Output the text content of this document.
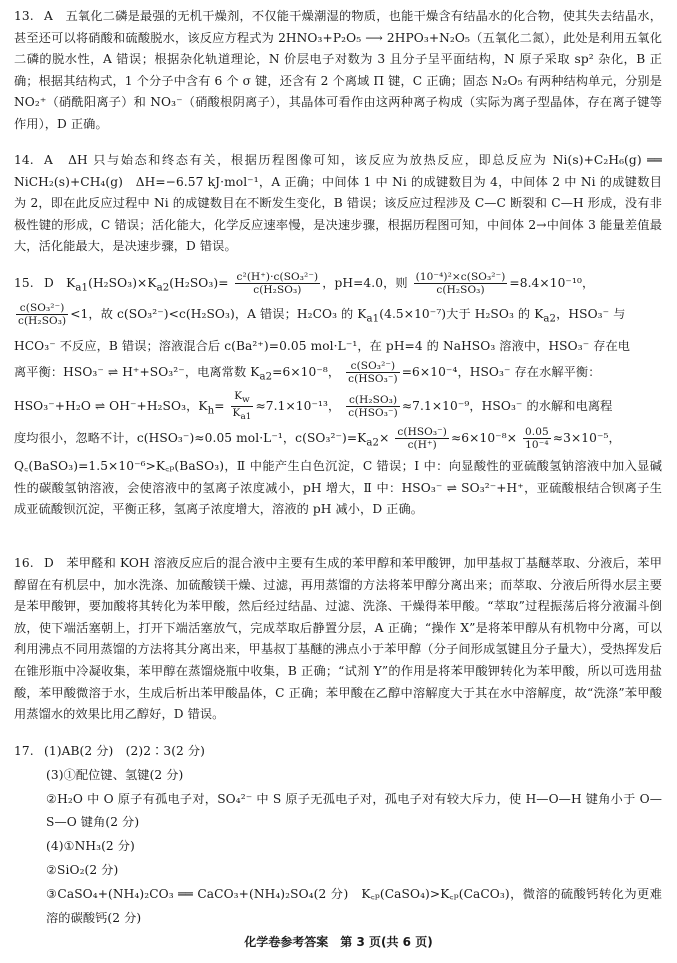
13. A　五氧化二磷是最强的无机干燥剂，不仅能干燥潮湿的物质，也能干燥含有结晶水的化合物，使其失去结晶水，甚至还可以将硝酸和硫酸脱水，该反应方程式为 2HNO₃+P₂O₅ ⟶ 2HPO₃+N₂O₅（五氧化二氮），此处是利用五氧化二磷的脱水性，A 错误；根据杂化轨道理论，N 价层电子对数为 3 且分子呈平面结构，N 原子采取 sp² 杂化，B 正确；根据其结构式，1 个分子中含有 6 个 σ 键，还含有 2 个离域 Π 键，C 正确；固态 N₂O₅ 有两种结构单元，分别是 NO₂⁺（硝酰阳离子）和 NO₃⁻（硝酸根阴离子），其晶体可看作由这两种离子构成（实际为离子型晶体，存在离子键等作用），D 正确。

14. A　ΔH 只与始态和终态有关，根据历程图像可知，该反应为放热反应，即总反应为 Ni(s)+C₂H₆(g) ══ NiCH₂(s)+CH₄(g)　ΔH=−6.57 kJ·mol⁻¹，A 正确；中间体 1 中 Ni 的成键数目为 4，中间体 2 中 Ni 的成键数目为 2，即在此反应过程中 Ni 的成键数目在不断发生变化，B 错误；该反应过程涉及 C—C 断裂和 C—H 形成，没有非极性键的形成，C 错误；活化能大，化学反应速率慢，是决速步骤，根据历程图可知，中间体 2→中间体 3 能量差值最大，活化能最大，是决速步骤，D 错误。

15. D　$K_{a1}(H_2SO_3)\times K_{a2}(H_2SO_3)= \frac{\text{c²(H⁺)·c(SO₃²⁻)}}{\text{c(H₂SO₃)}}$ ，pH=4.0，则 $\frac{\text{(10⁻⁴)²×c(SO₃²⁻)}}{\text{c(H₂SO₃)}} =8.4\times 10^{-10}$，

$\frac{\text{c(SO₃²⁻)}}{\text{c(H₂SO₃)}} <1$，故 c(SO₃²⁻)<c(H₂SO₃)，A 错误；H₂CO₃ 的 $K_{a1}(4.5\times 10^{-7})$大于 H₂SO₃ 的 $K_{a2}$，HSO₃⁻ 与

HCO₃⁻ 不反应，B 错误；溶液混合后 c(Ba²⁺)=0.05 mol·L⁻¹，在 pH=4 的 NaHSO₃ 溶液中，HSO₃⁻ 存在电

离平衡：HSO₃⁻ ⇌ H⁺+SO₃²⁻，电离常数 $K_{a2}=6\times 10^{-8}$， c(SO₃²⁻)
c(HSO₃⁻) =6×10⁻⁴，HSO₃⁻ 存在水解平衡：

HSO₃⁻+H₂O ⇌ OH⁻+H₂SO₃，$K_h= \frac{K_w}{K_{a1}} \approx 7.1\times 10^{-13}$， c(H₂SO₃)
c(HSO₃⁻) ≈7.1×10⁻⁹，HSO₃⁻ 的水解和电离程

度均很小，忽略不计，c(HSO₃⁻)≈0.05 mol·L⁻¹，$c(SO_3^{2-})=K_{a2}\times c(HSO_3^-)$
c(H⁺)	$\approx 6\times 10^{-8}\times \frac{0.05}{\text{10⁻⁴}} \approx 3\times 10^{-5}$，

Q꜀(BaSO₃)=1.5×10⁻⁶>K꜀ₚ(BaSO₃)，Ⅱ 中能产生白色沉淀，C 错误；Ⅰ 中：向显酸性的亚硫酸氢钠溶液中加入显碱性的碳酸氢钠溶液，会使溶液中的氢离子浓度减小，pH 增大，Ⅱ 中：HSO₃⁻ ⇌ SO₃²⁻+H⁺，亚硫酸根结合钡离子生成亚硫酸钡沉淀，平衡正移，氢离子浓度增大，溶液的 pH 减小，D 正确。

16. D　苯甲醛和 KOH 溶液反应后的混合液中主要有生成的苯甲醇和苯甲酸钾，加甲基叔丁基醚萃取、分液后，苯甲醇留在有机层中，加水洗涤、加硫酸镁干燥、过滤，再用蒸馏的方法将苯甲醇分离出来；而萃取、分液后所得水层主要是苯甲酸钾，要加酸将其转化为苯甲酸，然后经过结晶、过滤、洗涤、干燥得苯甲酸。“萃取”过程振荡后将分液漏斗倒放，使下端活塞朝上，打开下端活塞放气，完成萃取后静置分层，A 正确；“操作 X”是将苯甲醇从有机物中分离，可以利用沸点不同用蒸馏的方法将其分离出来，甲基叔丁基醚的沸点小于苯甲醇（分子间形成氢键且分子量大），受热挥发后在锥形瓶中冷凝收集，苯甲醇在蒸馏烧瓶中收集，B 正确；“试剂 Y”的作用是将苯甲酸钾转化为苯甲酸，所以可选用盐酸，苯甲酸微溶于水，生成后析出苯甲酸晶体，C 正确；苯甲酸在乙醇中溶解度大于其在水中溶解度，故“洗涤”苯甲酸用蒸馏水的效果比用乙醇好，D 错误。

17. (1)AB(2 分)　(2)2∶3(2 分)

(3)①配位键、氢键(2 分)

②H₂O 中 O 原子有孤电子对，SO₄²⁻ 中 S 原子无孤电子对，孤电子对有较大斥力，使 H—O—H 键角小于 O—S—O 键角(2 分)

(4)①NH₃(2 分)

②SiO₂(2 分)

③CaSO₄+(NH₄)₂CO₃ ══ CaCO₃+(NH₄)₂SO₄(2 分)　K꜀ₚ(CaSO₄)>K꜀ₚ(CaCO₃)，微溶的硫酸钙转化为更难溶的碳酸钙(2 分)

化学卷参考答案　第 3 页(共 6 页)
